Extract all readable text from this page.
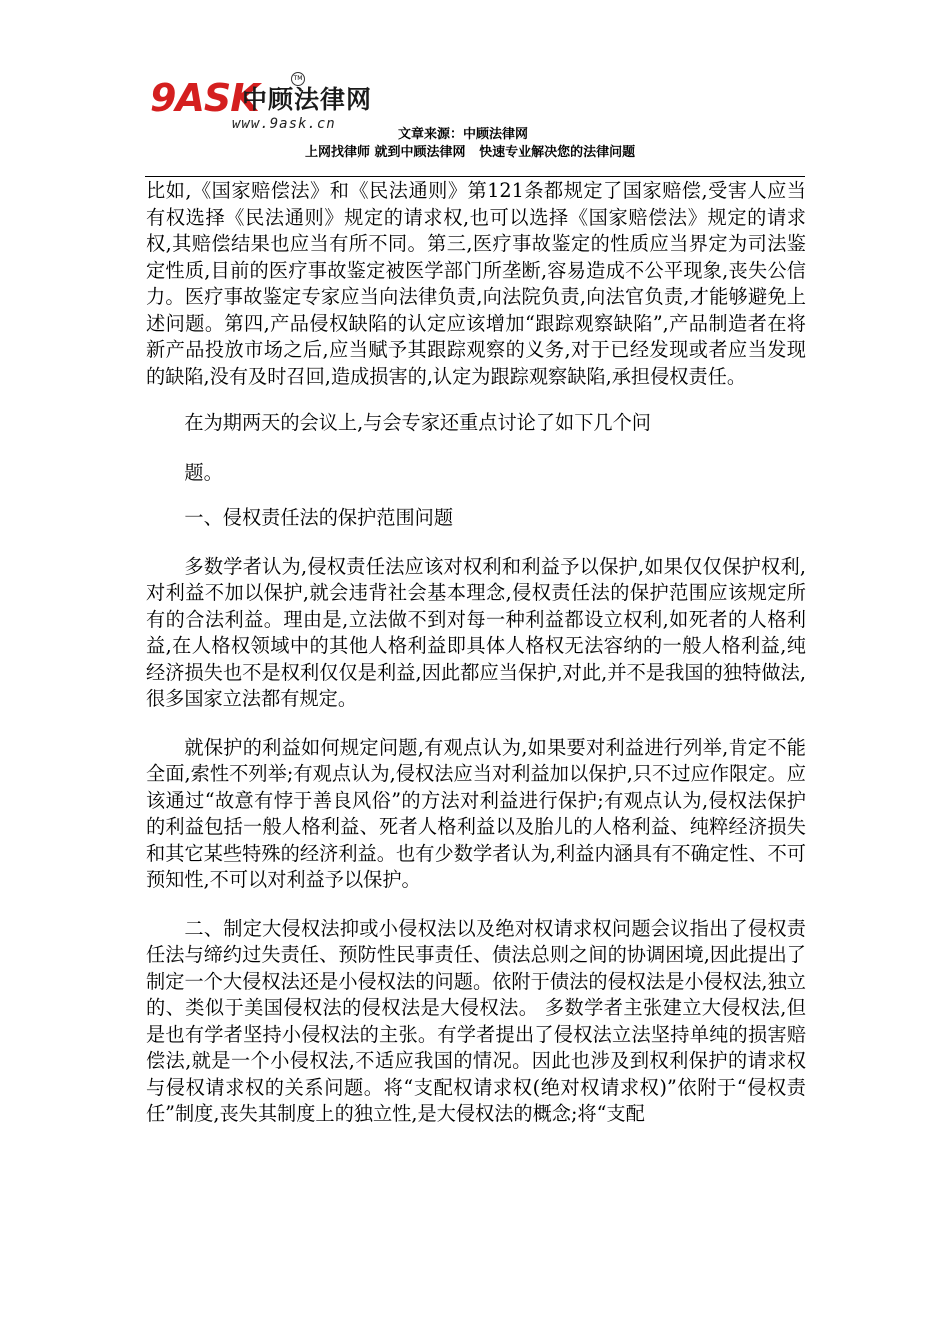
9ASK
中顾法律网
TM
www.9ask.cn
文章来源：中顾法律网
上网找律师 就到中顾法律网   快速专业解决您的法律问题

比如,《国家赔偿法》和《民法通则》第121条都规定了国家赔偿,受害人应当有权选择《民法通则》规定的请求权,也可以选择《国家赔偿法》规定的请求权,其赔偿结果也应当有所不同。第三,医疗事故鉴定的性质应当界定为司法鉴定性质,目前的医疗事故鉴定被医学部门所垄断,容易造成不公平现象,丧失公信力。医疗事故鉴定专家应当向法律负责,向法院负责,向法官负责,才能够避免上述问题。第四,产品侵权缺陷的认定应该增加“跟踪观察缺陷”,产品制造者在将新产品投放市场之后,应当赋予其跟踪观察的义务,对于已经发现或者应当发现的缺陷,没有及时召回,造成损害的,认定为跟踪观察缺陷,承担侵权责任。

在为期两天的会议上,与会专家还重点讨论了如下几个问

题。

一、侵权责任法的保护范围问题

多数学者认为,侵权责任法应该对权利和利益予以保护,如果仅仅保护权利,对利益不加以保护,就会违背社会基本理念,侵权责任法的保护范围应该规定所有的合法利益。理由是,立法做不到对每一种利益都设立权利,如死者的人格利益,在人格权领域中的其他人格利益即具体人格权无法容纳的一般人格利益,纯经济损失也不是权利仅仅是利益,因此都应当保护,对此,并不是我国的独特做法,很多国家立法都有规定。

就保护的利益如何规定问题,有观点认为,如果要对利益进行列举,肯定不能全面,索性不列举;有观点认为,侵权法应当对利益加以保护,只不过应作限定。应该通过“故意有悖于善良风俗”的方法对利益进行保护;有观点认为,侵权法保护的利益包括一般人格利益、死者人格利益以及胎儿的人格利益、纯粹经济损失和其它某些特殊的经济利益。也有少数学者认为,利益内涵具有不确定性、不可预知性,不可以对利益予以保护。

二、制定大侵权法抑或小侵权法以及绝对权请求权问题会议指出了侵权责任法与缔约过失责任、预防性民事责任、债法总则之间的协调困境,因此提出了制定一个大侵权法还是小侵权法的问题。依附于债法的侵权法是小侵权法,独立的、类似于美国侵权法的侵权法是大侵权法。 多数学者主张建立大侵权法,但是也有学者坚持小侵权法的主张。有学者提出了侵权法立法坚持单纯的损害赔偿法,就是一个小侵权法,不适应我国的情况。因此也涉及到权利保护的请求权与侵权请求权的关系问题。将“支配权请求权(绝对权请求权)”依附于“侵权责任”制度,丧失其制度上的独立性,是大侵权法的概念;将“支配
